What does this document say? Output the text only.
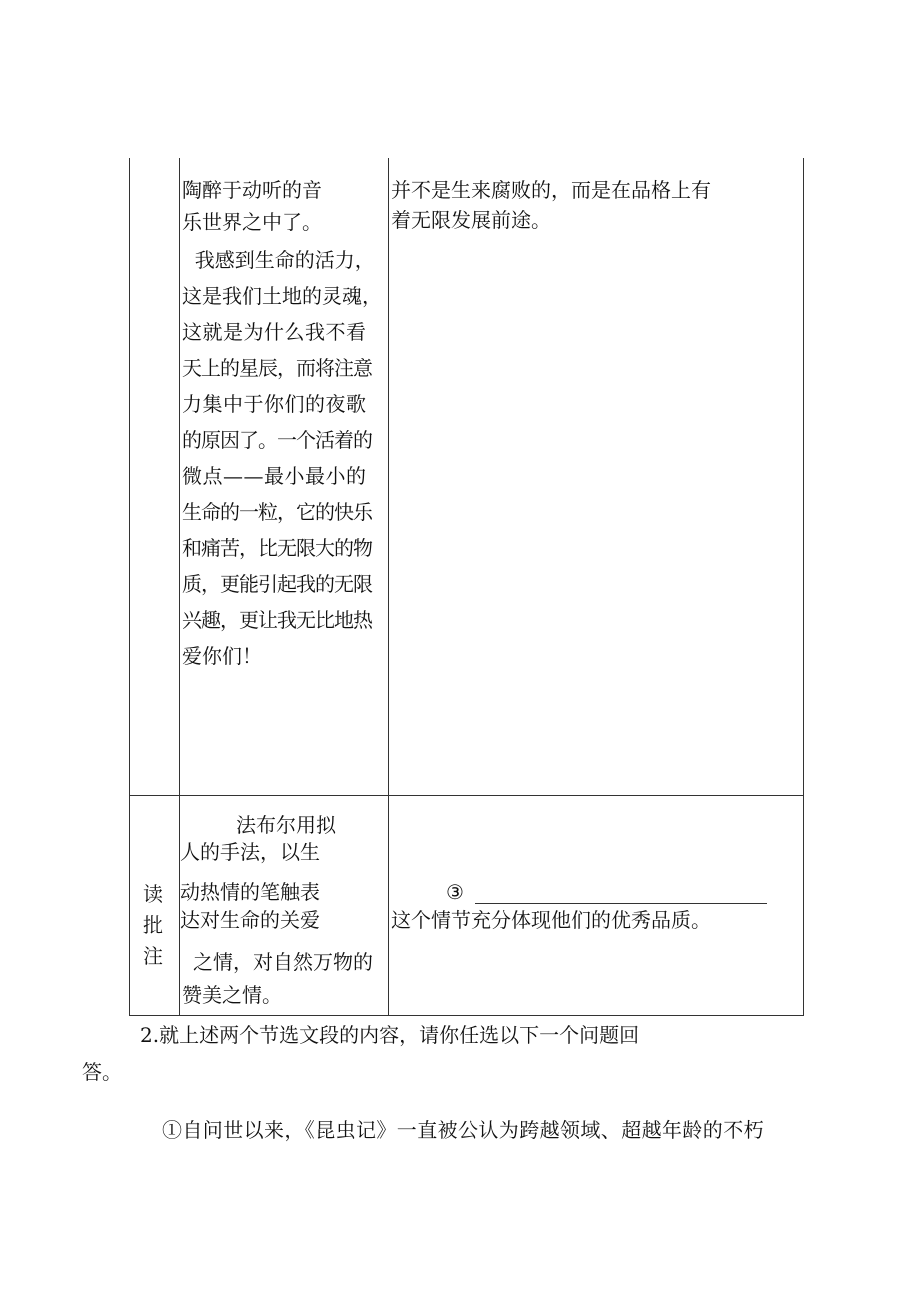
陶醉于动听的音
乐世界之中了。
我感到生命的活力，
这是我们土地的灵魂，
这就是为什么我不看
天上的星辰，而将注意
力集中于你们的夜歌
的原因了。一个活着的
微点——最小最小的
生命的一粒，它的快乐
和痛苦，比无限大的物
质，更能引起我的无限
兴趣，更让我无比地热
爱你们！
并不是生来腐败的，而是在品格上有
着无限发展前途。
读
批
注
法布尔用拟
人的手法，以生
动热情的笔触表
达对生命的关爱
之情，对自然万物的
赞美之情。
③
这个情节充分体现他们的优秀品质。
2.就上述两个节选文段的内容，请你任选以下一个问题回
答。
①自问世以来，《昆虫记》一直被公认为跨越领域、超越年龄的不朽
